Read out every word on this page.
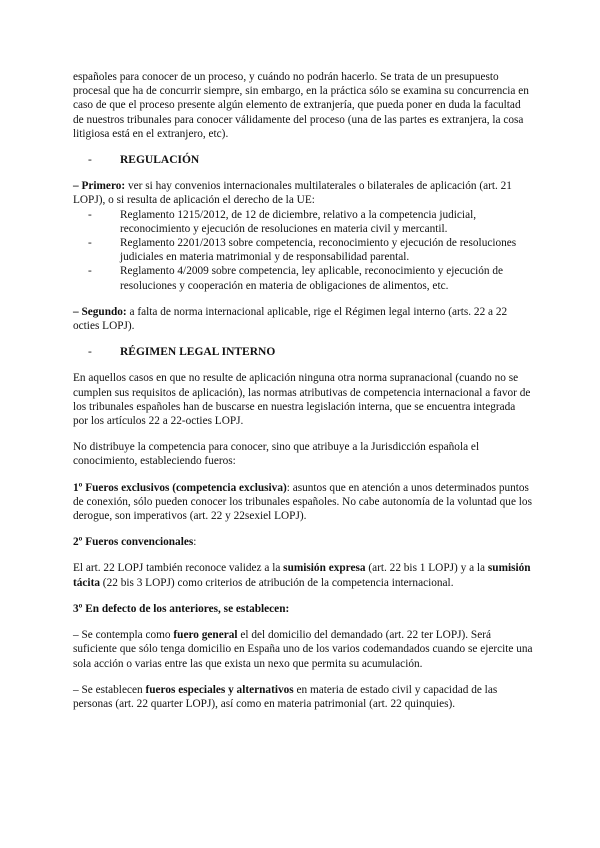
españoles para conocer de un proceso, y cuándo no podrán hacerlo. Se trata de un presupuesto procesal que ha de concurrir siempre, sin embargo, en la práctica sólo se examina su concurrencia en caso de que el proceso presente algún elemento de extranjería, que pueda poner en duda la facultad de nuestros tribunales para conocer válidamente del proceso (una de las partes es extranjera, la cosa litigiosa está en el extranjero, etc).

-	REGULACIÓN

– Primero: ver si hay convenios internacionales multilaterales o bilaterales de aplicación (art. 21 LOPJ), o si resulta de aplicación el derecho de la UE:

-	Reglamento 1215/2012, de 12 de diciembre, relativo a la competencia judicial, reconocimiento y ejecución de resoluciones en materia civil y mercantil.
-	Reglamento 2201/2013 sobre competencia, reconocimiento y ejecución de resoluciones judiciales en materia matrimonial y de responsabilidad parental.
-	Reglamento 4/2009 sobre competencia, ley aplicable, reconocimiento y ejecución de resoluciones y cooperación en materia de obligaciones de alimentos, etc.

– Segundo: a falta de norma internacional aplicable, rige el Régimen legal interno (arts. 22 a 22 octies LOPJ).

-	RÉGIMEN LEGAL INTERNO

En aquellos casos en que no resulte de aplicación ninguna otra norma supranacional (cuando no se cumplen sus requisitos de aplicación), las normas atributivas de competencia internacional a favor de los tribunales españoles han de buscarse en nuestra legislación interna, que se encuentra integrada por los artículos 22 a 22-octies LOPJ.

No distribuye la competencia para conocer, sino que atribuye a la Jurisdicción española el conocimiento, estableciendo fueros:

1º Fueros exclusivos (competencia exclusiva): asuntos que en atención a unos determinados puntos de conexión, sólo pueden conocer los tribunales españoles. No cabe autonomía de la voluntad que los derogue, son imperativos (art. 22 y 22sexiel LOPJ).

2º Fueros convencionales:

El art. 22 LOPJ también reconoce validez a la sumisión expresa (art. 22 bis 1 LOPJ) y a la sumisión tácita (22 bis 3 LOPJ) como criterios de atribución de la competencia internacional.

3º En defecto de los anteriores, se establecen:

– Se contempla como fuero general el del domicilio del demandado (art. 22 ter LOPJ). Será suficiente que sólo tenga domicilio en España uno de los varios codemandados cuando se ejercite una sola acción o varias entre las que exista un nexo que permita su acumulación.

– Se establecen fueros especiales y alternativos en materia de estado civil y capacidad de las personas (art. 22 quarter LOPJ), así como en materia patrimonial (art. 22 quinquies).
